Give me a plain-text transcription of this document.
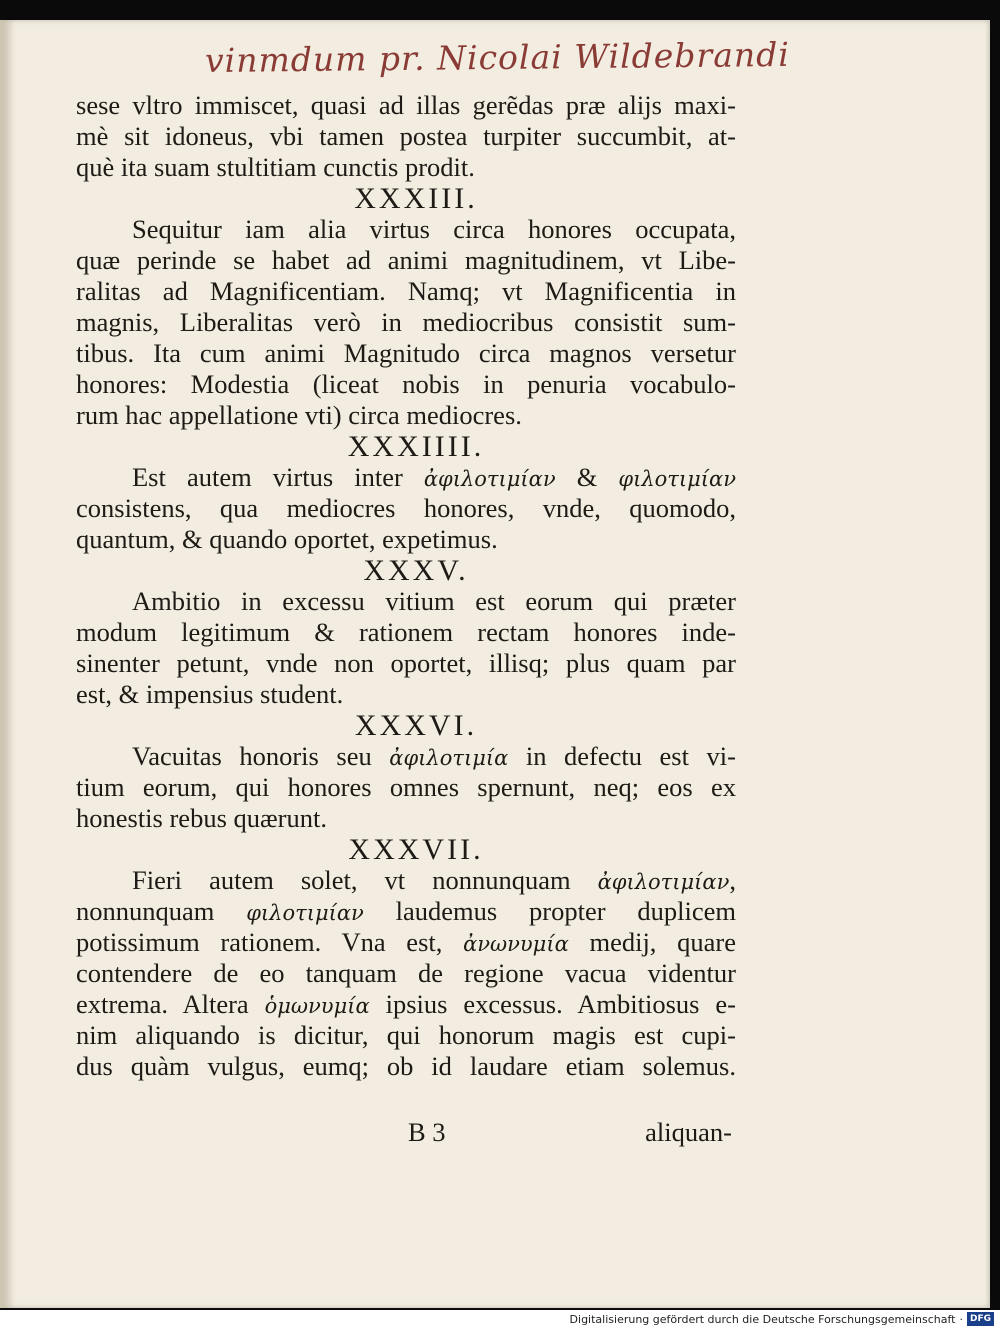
vinmdum pr. Nicolai Wildebrandi
sese vltro immiscet, quasi ad illas gerẽdas præ alijs maxi-
mè sit idoneus, vbi tamen postea turpiter succumbit, at-
què ita suam stultitiam cunctis prodit.
XXXIII.
Sequitur iam alia virtus circa honores occupata,
quæ perinde se habet ad animi magnitudinem, vt Libe-
ralitas ad Magnificentiam. Namq; vt Magnificentia in
magnis, Liberalitas verò in mediocribus consistit sum-
tibus. Ita cum animi Magnitudo circa magnos versetur
honores: Modestia (liceat nobis in penuria vocabulo-
rum hac appellatione vti) circa mediocres.
XXXIIII.
Est autem virtus inter ἀφιλοτιμίαν & φιλοτιμίαν
consistens, qua mediocres honores, vnde, quomodo,
quantum, & quando oportet, expetimus.
XXXV.
Ambitio in excessu vitium est eorum qui præter
modum legitimum & rationem rectam honores inde-
sinenter petunt, vnde non oportet, illisq; plus quam par
est, & impensius student.
XXXVI.
Vacuitas honoris seu ἀφιλοτιμία in defectu est vi-
tium eorum, qui honores omnes spernunt, neq; eos ex
honestis rebus quærunt.
XXXVII.
Fieri autem solet, vt nonnunquam ἀφιλοτιμίαν,
nonnunquam φιλοτιμίαν laudemus propter duplicem
potissimum rationem. Vna est, ἀνωνυμία medij, quare
contendere de eo tanquam de regione vacua videntur
extrema. Altera ὁμωνυμία ipsius excessus. Ambitiosus e-
nim aliquando is dicitur, qui honorum magis est cupi-
dus quàm vulgus, eumq; ob id laudare etiam solemus.
B 3	aliquan-
Digitalisierung gefördert durch die Deutsche Forschungsgemeinschaft · DFG
